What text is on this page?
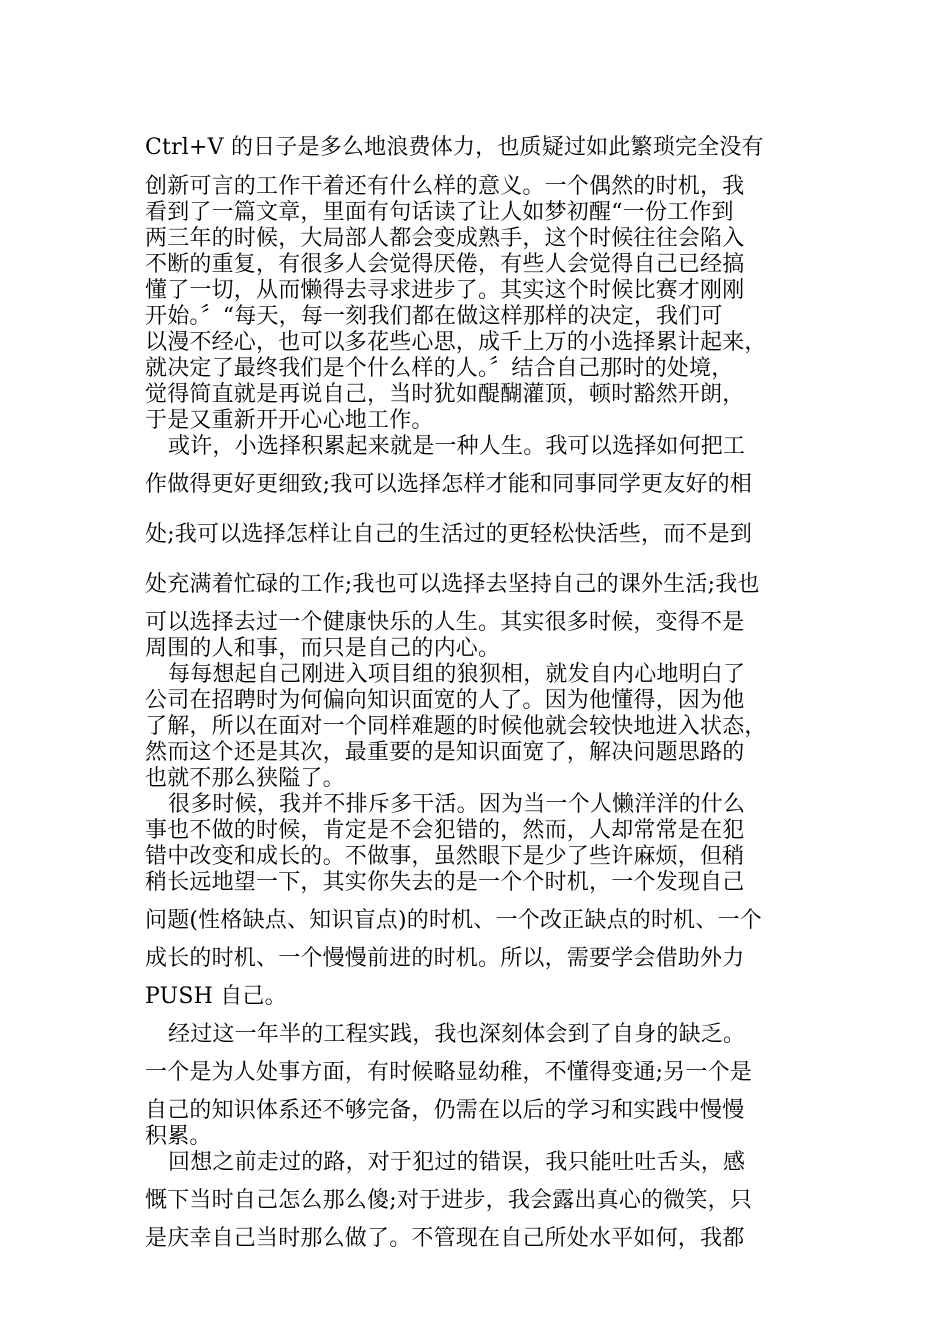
Ctrl+V 的日子是多么地浪费体力，也质疑过如此繁琐完全没有
创新可言的工作干着还有什么样的意义。一个偶然的时机，我
看到了一篇文章，里面有句话读了让人如梦初醒“一份工作到
两三年的时候，大局部人都会变成熟手，这个时候往往会陷入
不断的重复，有很多人会觉得厌倦，有些人会觉得自己已经搞
懂了一切，从而懒得去寻求进步了。其实这个时候比赛才刚刚
开始。〞“每天，每一刻我们都在做这样那样的决定，我们可
以漫不经心，也可以多花些心思，成千上万的小选择累计起来，
就决定了最终我们是个什么样的人。〞结合自己那时的处境，
觉得简直就是再说自己，当时犹如醍醐灌顶，顿时豁然开朗，
于是又重新开开心心地工作。
或许，小选择积累起来就是一种人生。我可以选择如何把工
作做得更好更细致;我可以选择怎样才能和同事同学更友好的相
处;我可以选择怎样让自己的生活过的更轻松快活些，而不是到
处充满着忙碌的工作;我也可以选择去坚持自己的课外生活;我也
可以选择去过一个健康快乐的人生。其实很多时候，变得不是
周围的人和事，而只是自己的内心。
每每想起自己刚进入项目组的狼狈相，就发自内心地明白了
公司在招聘时为何偏向知识面宽的人了。因为他懂得，因为他
了解，所以在面对一个同样难题的时候他就会较快地进入状态，
然而这个还是其次，最重要的是知识面宽了，解决问题思路的
也就不那么狭隘了。
很多时候，我并不排斥多干活。因为当一个人懒洋洋的什么
事也不做的时候，肯定是不会犯错的，然而，人却常常是在犯
错中改变和成长的。不做事，虽然眼下是少了些许麻烦，但稍
稍长远地望一下，其实你失去的是一个个时机，一个发现自己
问题(性格缺点、知识盲点)的时机、一个改正缺点的时机、一个
成长的时机、一个慢慢前进的时机。所以，需要学会借助外力
PUSH 自己。
经过这一年半的工程实践，我也深刻体会到了自身的缺乏。
一个是为人处事方面，有时候略显幼稚，不懂得变通;另一个是
自己的知识体系还不够完备，仍需在以后的学习和实践中慢慢
积累。
回想之前走过的路，对于犯过的错误，我只能吐吐舌头，感
慨下当时自己怎么那么傻;对于进步，我会露出真心的微笑，只
是庆幸自己当时那么做了。不管现在自己所处水平如何，我都
